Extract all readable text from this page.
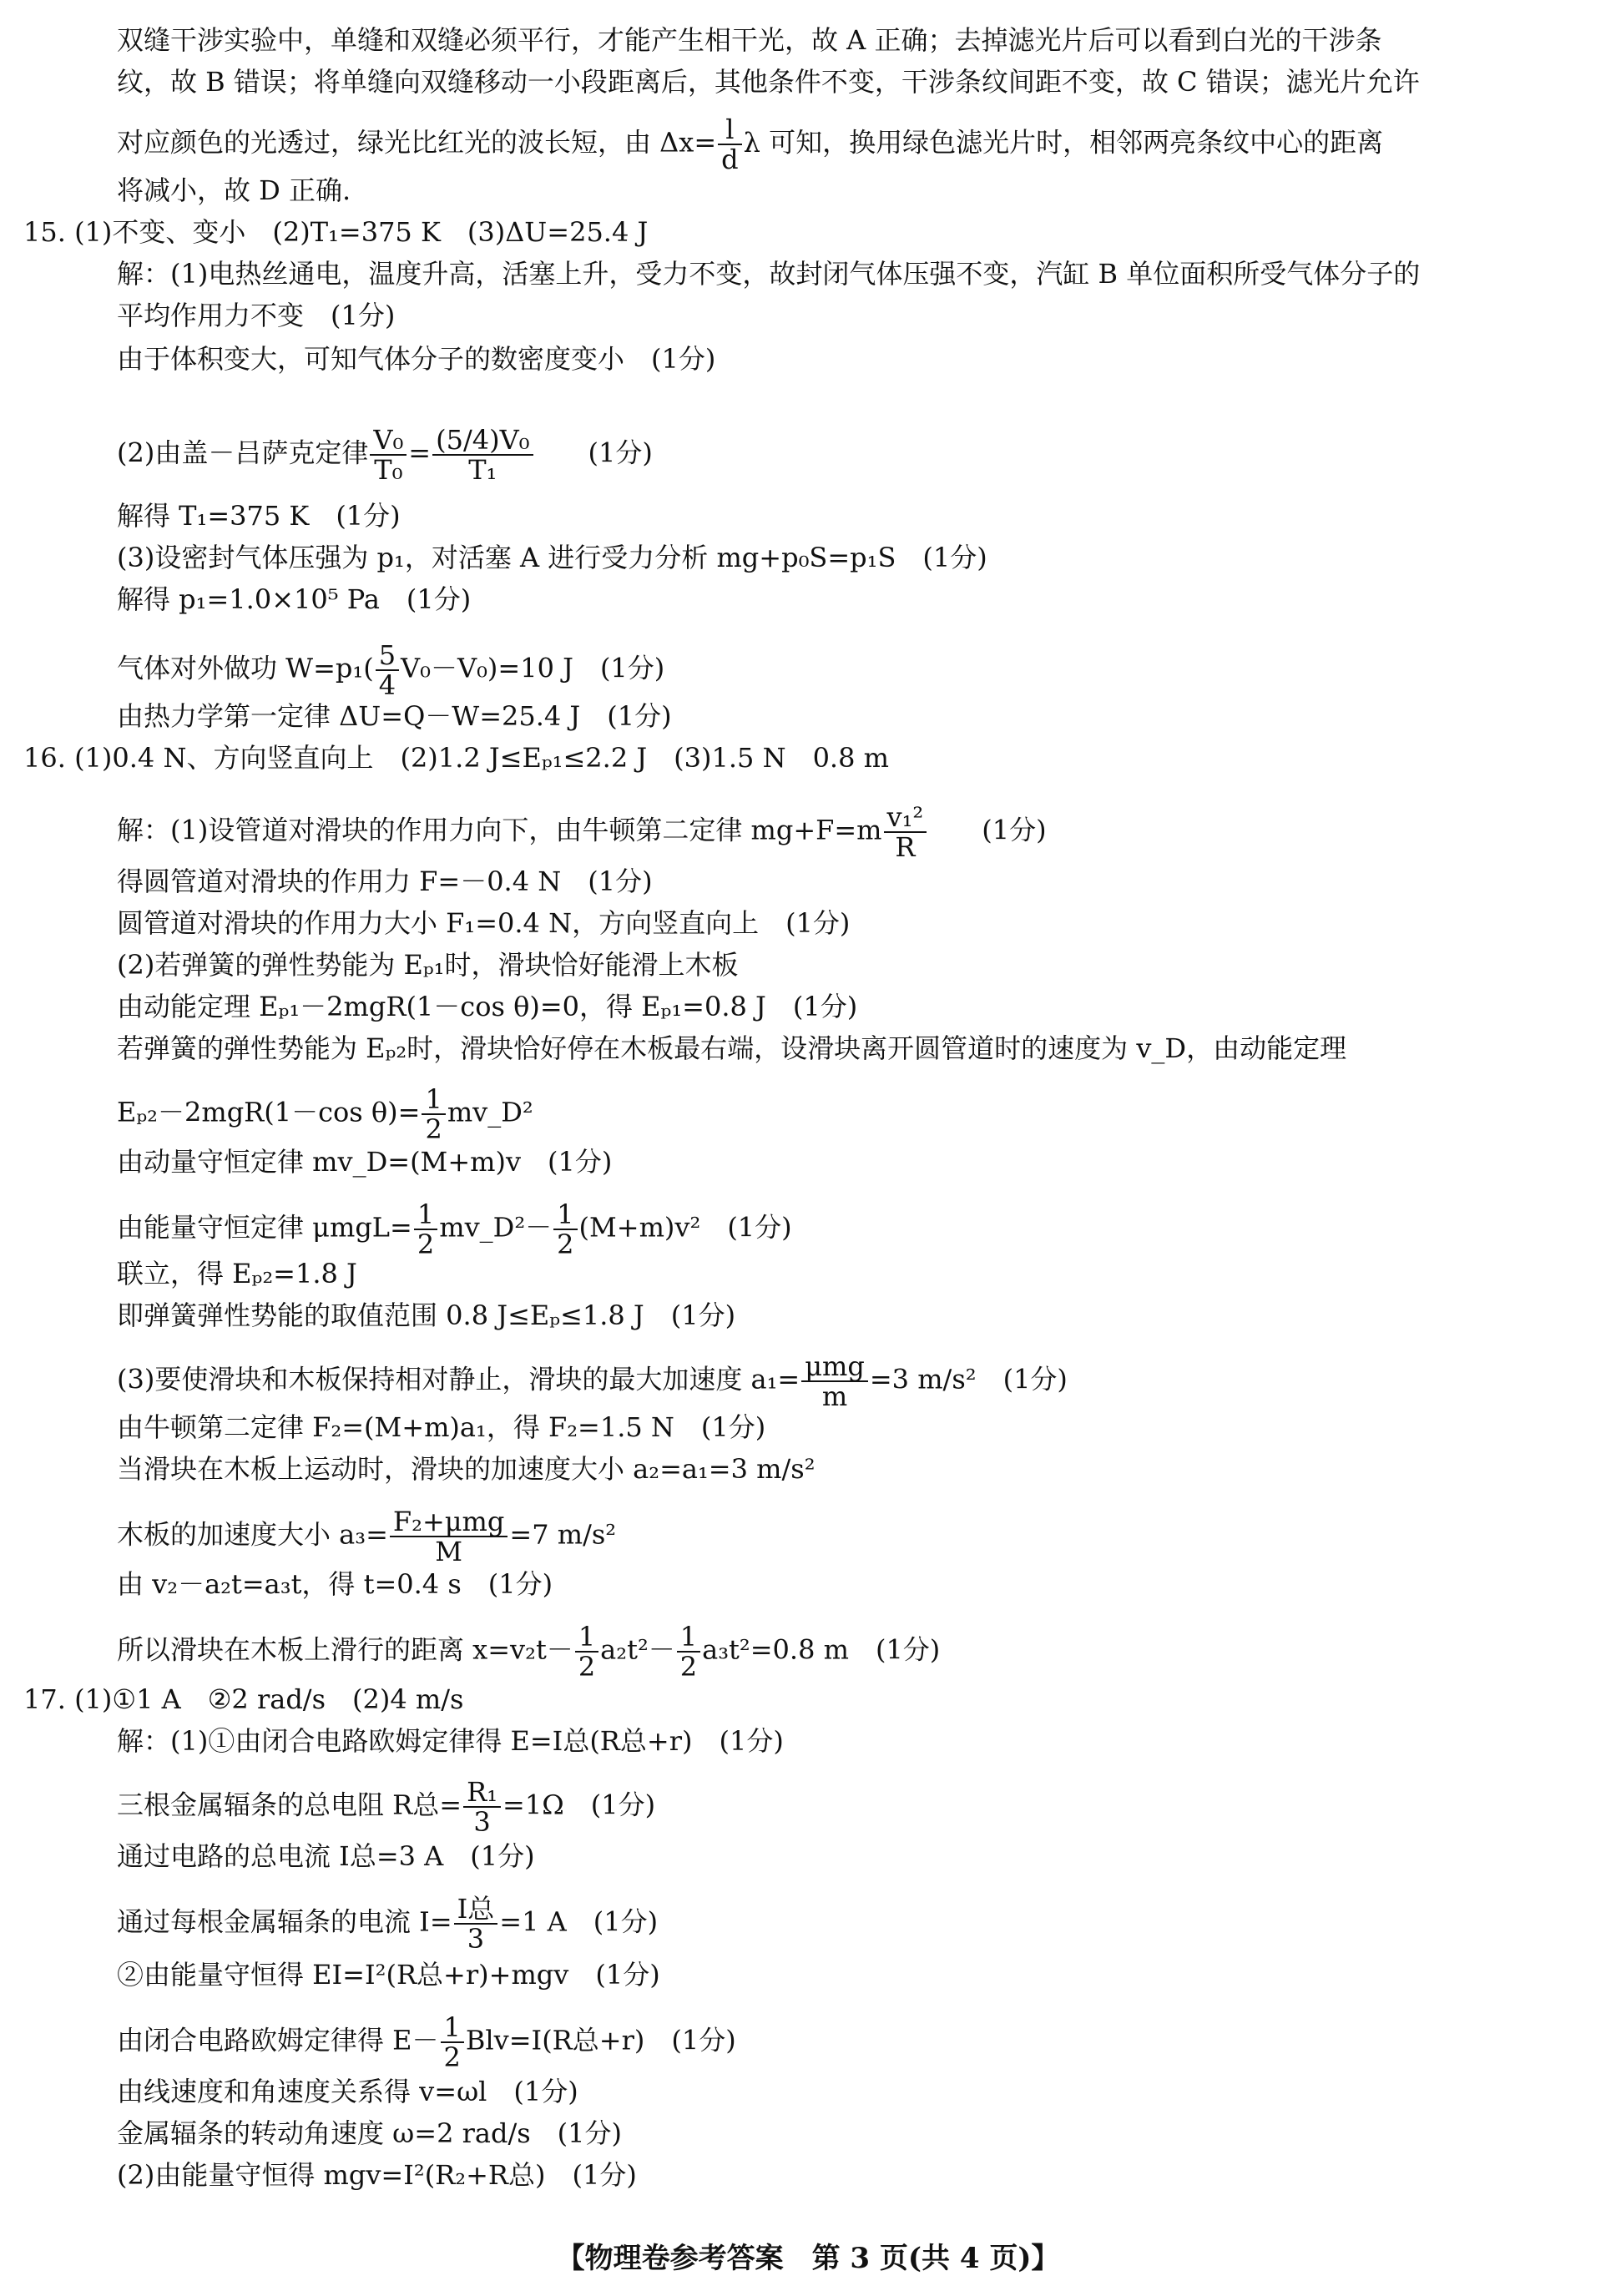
双缝干涉实验中，单缝和双缝必须平行，才能产生相干光，故 A 正确；去掉滤光片后可以看到白光的干涉条
纹，故 B 错误；将单缝向双缝移动一小段距离后，其他条件不变，干涉条纹间距不变，故 C 错误；滤光片允许
对应颜色的光透过，绿光比红光的波长短，由 $\Delta x= \frac{l}{d}$ λ 可知，换用绿色滤光片时，相邻两亮条纹中心的距离
将减小，故 D 正确.
15. (1)不变、变小　(2)T₁=375 K　(3)ΔU=25.4 J
解：(1)电热丝通电，温度升高，活塞上升，受力不变，故封闭气体压强不变，汽缸 B 单位面积所受气体分子的
平均作用力不变　(1分)
由于体积变大，可知气体分子的数密度变小　(1分)
(2)由盖－吕萨克定律 $\frac{\text{V₀}}{\text{T₀}} = \frac{\text{(5/4)V₀}}{\text{T₁}}$
　　 (1分)
解得 T₁=375 K　(1分)
(3)设密封气体压强为 p₁，对活塞 A 进行受力分析 mg+p₀S=p₁S　(1分)
解得 p₁=1.0×10⁵ Pa　(1分)
气体对外做功 $W=p_1( \frac{5}{4} V_0-V_0)=10$ J　(1分)
由热力学第一定律 ΔU=Q－W=25.4 J　(1分)
16. (1)0.4 N、方向竖直向上　(2)1.2 J≤Eₚ₁≤2.2 J　(3)1.5 N　0.8 m
解：(1)设管道对滑块的作用力向下，由牛顿第二定律 $mg+F=m \frac{\text{v₁²}}{R}$
　　 (1分)
得圆管道对滑块的作用力 F=－0.4 N　(1分)
圆管道对滑块的作用力大小 F₁=0.4 N，方向竖直向上　(1分)
(2)若弹簧的弹性势能为 Eₚ₁时，滑块恰好能滑上木板
由动能定理 Eₚ₁－2mgR(1－cos θ)=0，得 Eₚ₁=0.8 J　(1分)
若弹簧的弹性势能为 Eₚ₂时，滑块恰好停在木板最右端，设滑块离开圆管道时的速度为 v_D，由动能定理
Eₚ₂－2mgR(1－cos $\theta)= \frac{1}{2}$ mv_D²
由动量守恒定律 mv_D=(M+m)v　(1分)
由能量守恒定律 $\mu mgL= \frac{1}{2}$ mv_D²－ $\frac{1}{2} (M+m)v^2$　(1分)
联立，得 Eₚ₂=1.8 J
即弹簧弹性势能的取值范围 0.8 J≤Eₚ≤1.8 J　(1分)
(3)要使滑块和木板保持相对静止，滑块的最大加速度 $a_1= \frac{\text{μmg}}{m} =3$ m/s²　(1分)
由牛顿第二定律 F₂=(M+m)a₁，得 F₂=1.5 N　(1分)
当滑块在木板上运动时，滑块的加速度大小 a₂=a₁=3 m/s²
木板的加速度大小 $a_3= \frac{\text{F₂+μmg}}{M} =7$ m/s²
由 v₂－a₂t=a₃t，得 t=0.4 s　(1分)
所以滑块在木板上滑行的距离 $x=v_2t- \frac{1}{2} a_2t^2- \frac{1}{2} a_3t^2=0.8$ m　(1分)
17. (1)①1 A　②2 rad/s　(2)4 m/s
解：(1)①由闭合电路欧姆定律得 E=I总(R总+r)　(1分)
三根金属辐条的总电阻 R总= $\frac{\text{R₁}}{3} =1\Omega$　(1分)
通过电路的总电流 I总=3 A　(1分)
通过每根金属辐条的电流 $I= \frac{\text{I总}}{3} =1$ A　(1分)
②由能量守恒得 EI=I²(R总+r)+mgv　(1分)
由闭合电路欧姆定律得 $E- \frac{1}{2} Blv=I(R$总+r)　(1分)
由线速度和角速度关系得 v=ωl　(1分)
金属辐条的转动角速度 ω=2 rad/s　(1分)
(2)由能量守恒得 mgv=I²(R₂+R总)　(1分)
【物理卷参考答案　第 3 页(共 4 页)】
